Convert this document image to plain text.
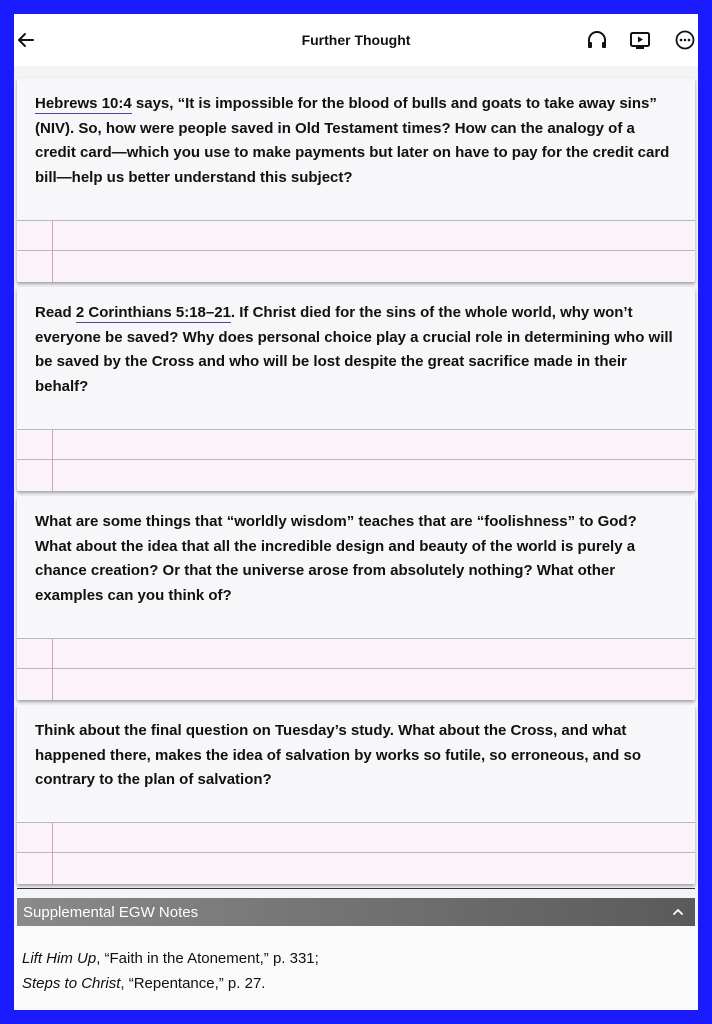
Further Thought
Hebrews 10:4 says, “It is impossible for the blood of bulls and goats to take away sins” (NIV). So, how were people saved in Old Testament times? How can the analogy of a credit card—which you use to make payments but later on have to pay for the credit card bill—help us better understand this subject?
Read 2 Corinthians 5:18–21. If Christ died for the sins of the whole world, why won’t everyone be saved? Why does personal choice play a crucial role in determining who will be saved by the Cross and who will be lost despite the great sacrifice made in their behalf?
What are some things that “worldly wisdom” teaches that are “foolishness” to God? What about the idea that all the incredible design and beauty of the world is purely a chance creation? Or that the universe arose from absolutely nothing? What other examples can you think of?
Think about the final question on Tuesday’s study. What about the Cross, and what happened there, makes the idea of salvation by works so futile, so erroneous, and so contrary to the plan of salvation?
Supplemental EGW Notes
Lift Him Up, “Faith in the Atonement,” p. 331;
Steps to Christ, “Repentance,” p. 27.
